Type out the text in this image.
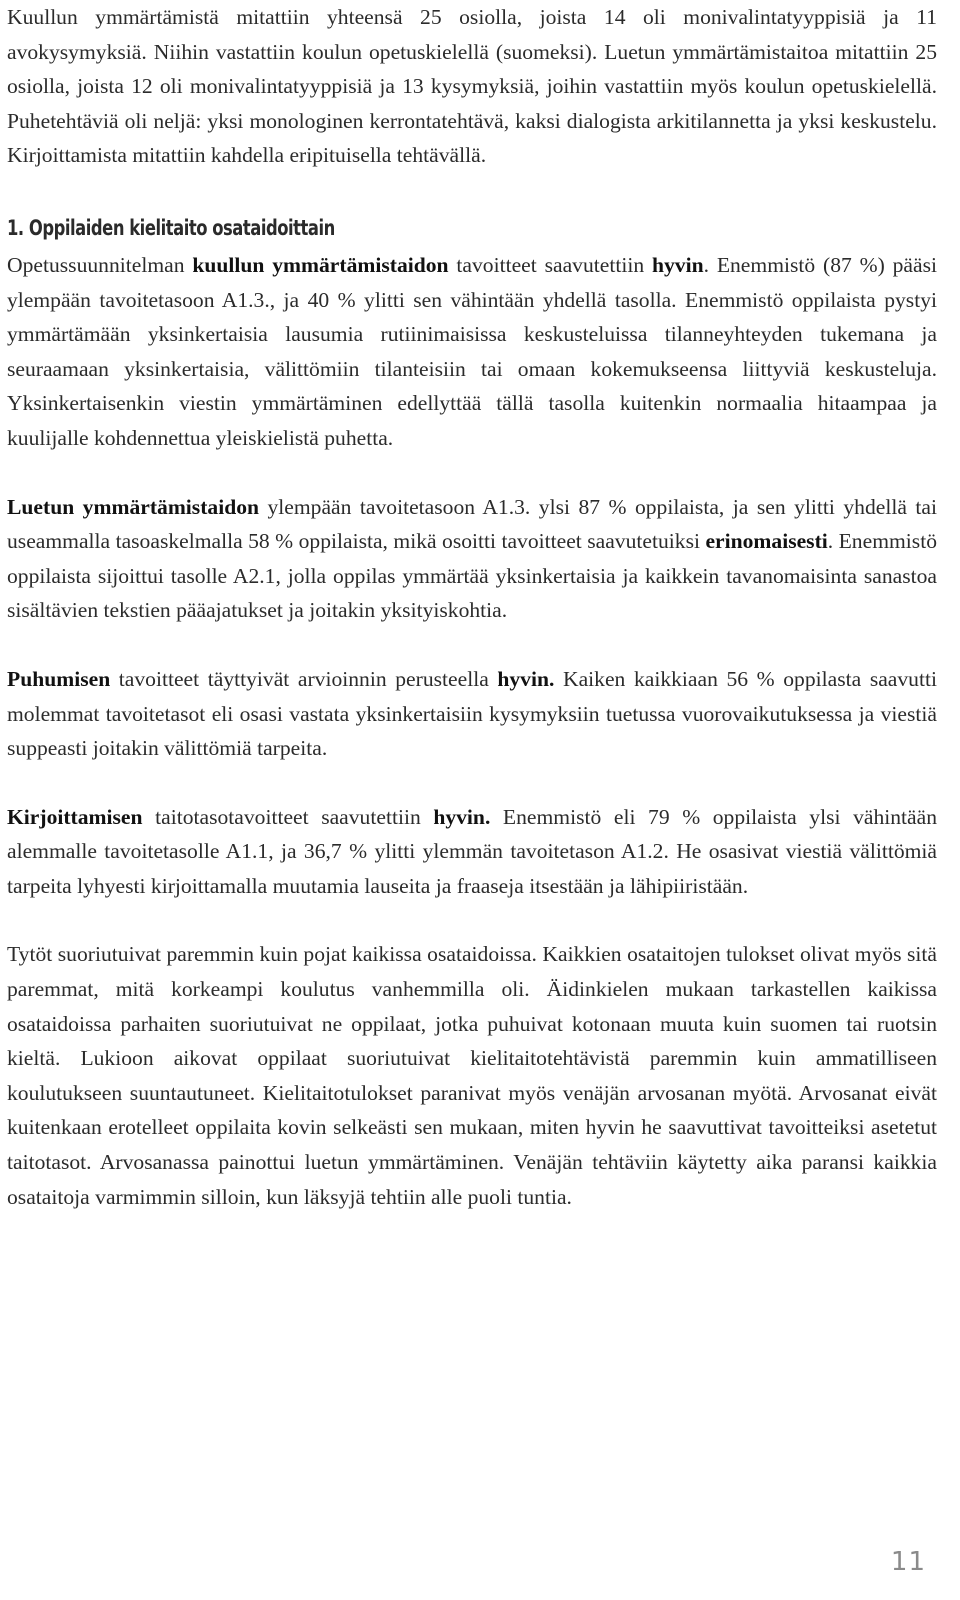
Kuullun ymmärtämistä mitattiin yhteensä 25 osiolla, joista 14 oli monivalintatyyppisiä ja 11 avokysymyksiä. Niihin vastattiin koulun opetuskielellä (suomeksi). Luetun ymmärtämistaitoa mitattiin 25 osiolla, joista 12 oli monivalintatyyppisiä ja 13 kysymyksiä, joihin vastattiin myös koulun opetuskielellä. Puhetehtäviä oli neljä: yksi monologinen kerrontatehtävä, kaksi dialogista arkitilannetta ja yksi keskustelu. Kirjoittamista mitattiin kahdella eripituisella tehtävällä.

1. Oppilaiden kielitaito osataidoittain

Opetussuunnitelman kuullun ymmärtämistaidon tavoitteet saavutettiin hyvin. Enemmistö (87 %) pääsi ylempään tavoitetasoon A1.3., ja 40 % ylitti sen vähintään yhdellä tasolla. Enemmistö oppilaista pystyi ymmärtämään yksinkertaisia lausumia rutiinimaisissa keskusteluissa tilanneyhteyden tukemana ja seuraamaan yksinkertaisia, välittömiin tilanteisiin tai omaan kokemukseensa liittyviä keskusteluja. Yksinkertaisenkin viestin ymmärtäminen edellyttää tällä tasolla kuitenkin normaalia hitaampaa ja kuulijalle kohdennettua yleiskielistä puhetta.

Luetun ymmärtämistaidon ylempään tavoitetasoon A1.3. ylsi 87 % oppilaista, ja sen ylitti yhdellä tai useammalla tasoaskelmalla 58 % oppilaista, mikä osoitti tavoitteet saavutetuiksi erinomaisesti. Enemmistö oppilaista sijoittui tasolle A2.1, jolla oppilas ymmärtää yksinkertaisia ja kaikkein tavanomaisinta sanastoa sisältävien tekstien pääajatukset ja joitakin yksityiskohtia.

Puhumisen tavoitteet täyttyivät arvioinnin perusteella hyvin. Kaiken kaikkiaan 56 % oppilasta saavutti molemmat tavoitetasot eli osasi vastata yksinkertaisiin kysymyksiin tuetussa vuorovaikutuksessa ja viestiä suppeasti joitakin välittömiä tarpeita.

Kirjoittamisen taitotasotavoitteet saavutettiin hyvin. Enemmistö eli 79 % oppilaista ylsi vähintään alemmalle tavoitetasolle A1.1, ja 36,7 % ylitti ylemmän tavoitetason A1.2. He osasivat viestiä välittömiä tarpeita lyhyesti kirjoittamalla muutamia lauseita ja fraaseja itsestään ja lähipiiristään.

Tytöt suoriutuivat paremmin kuin pojat kaikissa osataidoissa. Kaikkien osataitojen tulokset olivat myös sitä paremmat, mitä korkeampi koulutus vanhemmilla oli. Äidinkielen mukaan tarkastellen kaikissa osataidoissa parhaiten suoriutuivat ne oppilaat, jotka puhuivat kotonaan muuta kuin suomen tai ruotsin kieltä. Lukioon aikovat oppilaat suoriutuivat kielitaitotehtävistä paremmin kuin ammatilliseen koulutukseen suuntautuneet. Kielitaitotulokset paranivat myös venäjän arvosanan myötä. Arvosanat eivät kuitenkaan erotelleet oppilaita kovin selkeästi sen mukaan, miten hyvin he saavuttivat tavoitteiksi asetetut taitotasot. Arvosanassa painottui luetun ymmärtäminen. Venäjän tehtäviin käytetty aika paransi kaikkia osataitoja varmimmin silloin, kun läksyjä tehtiin alle puoli tuntia.

11
